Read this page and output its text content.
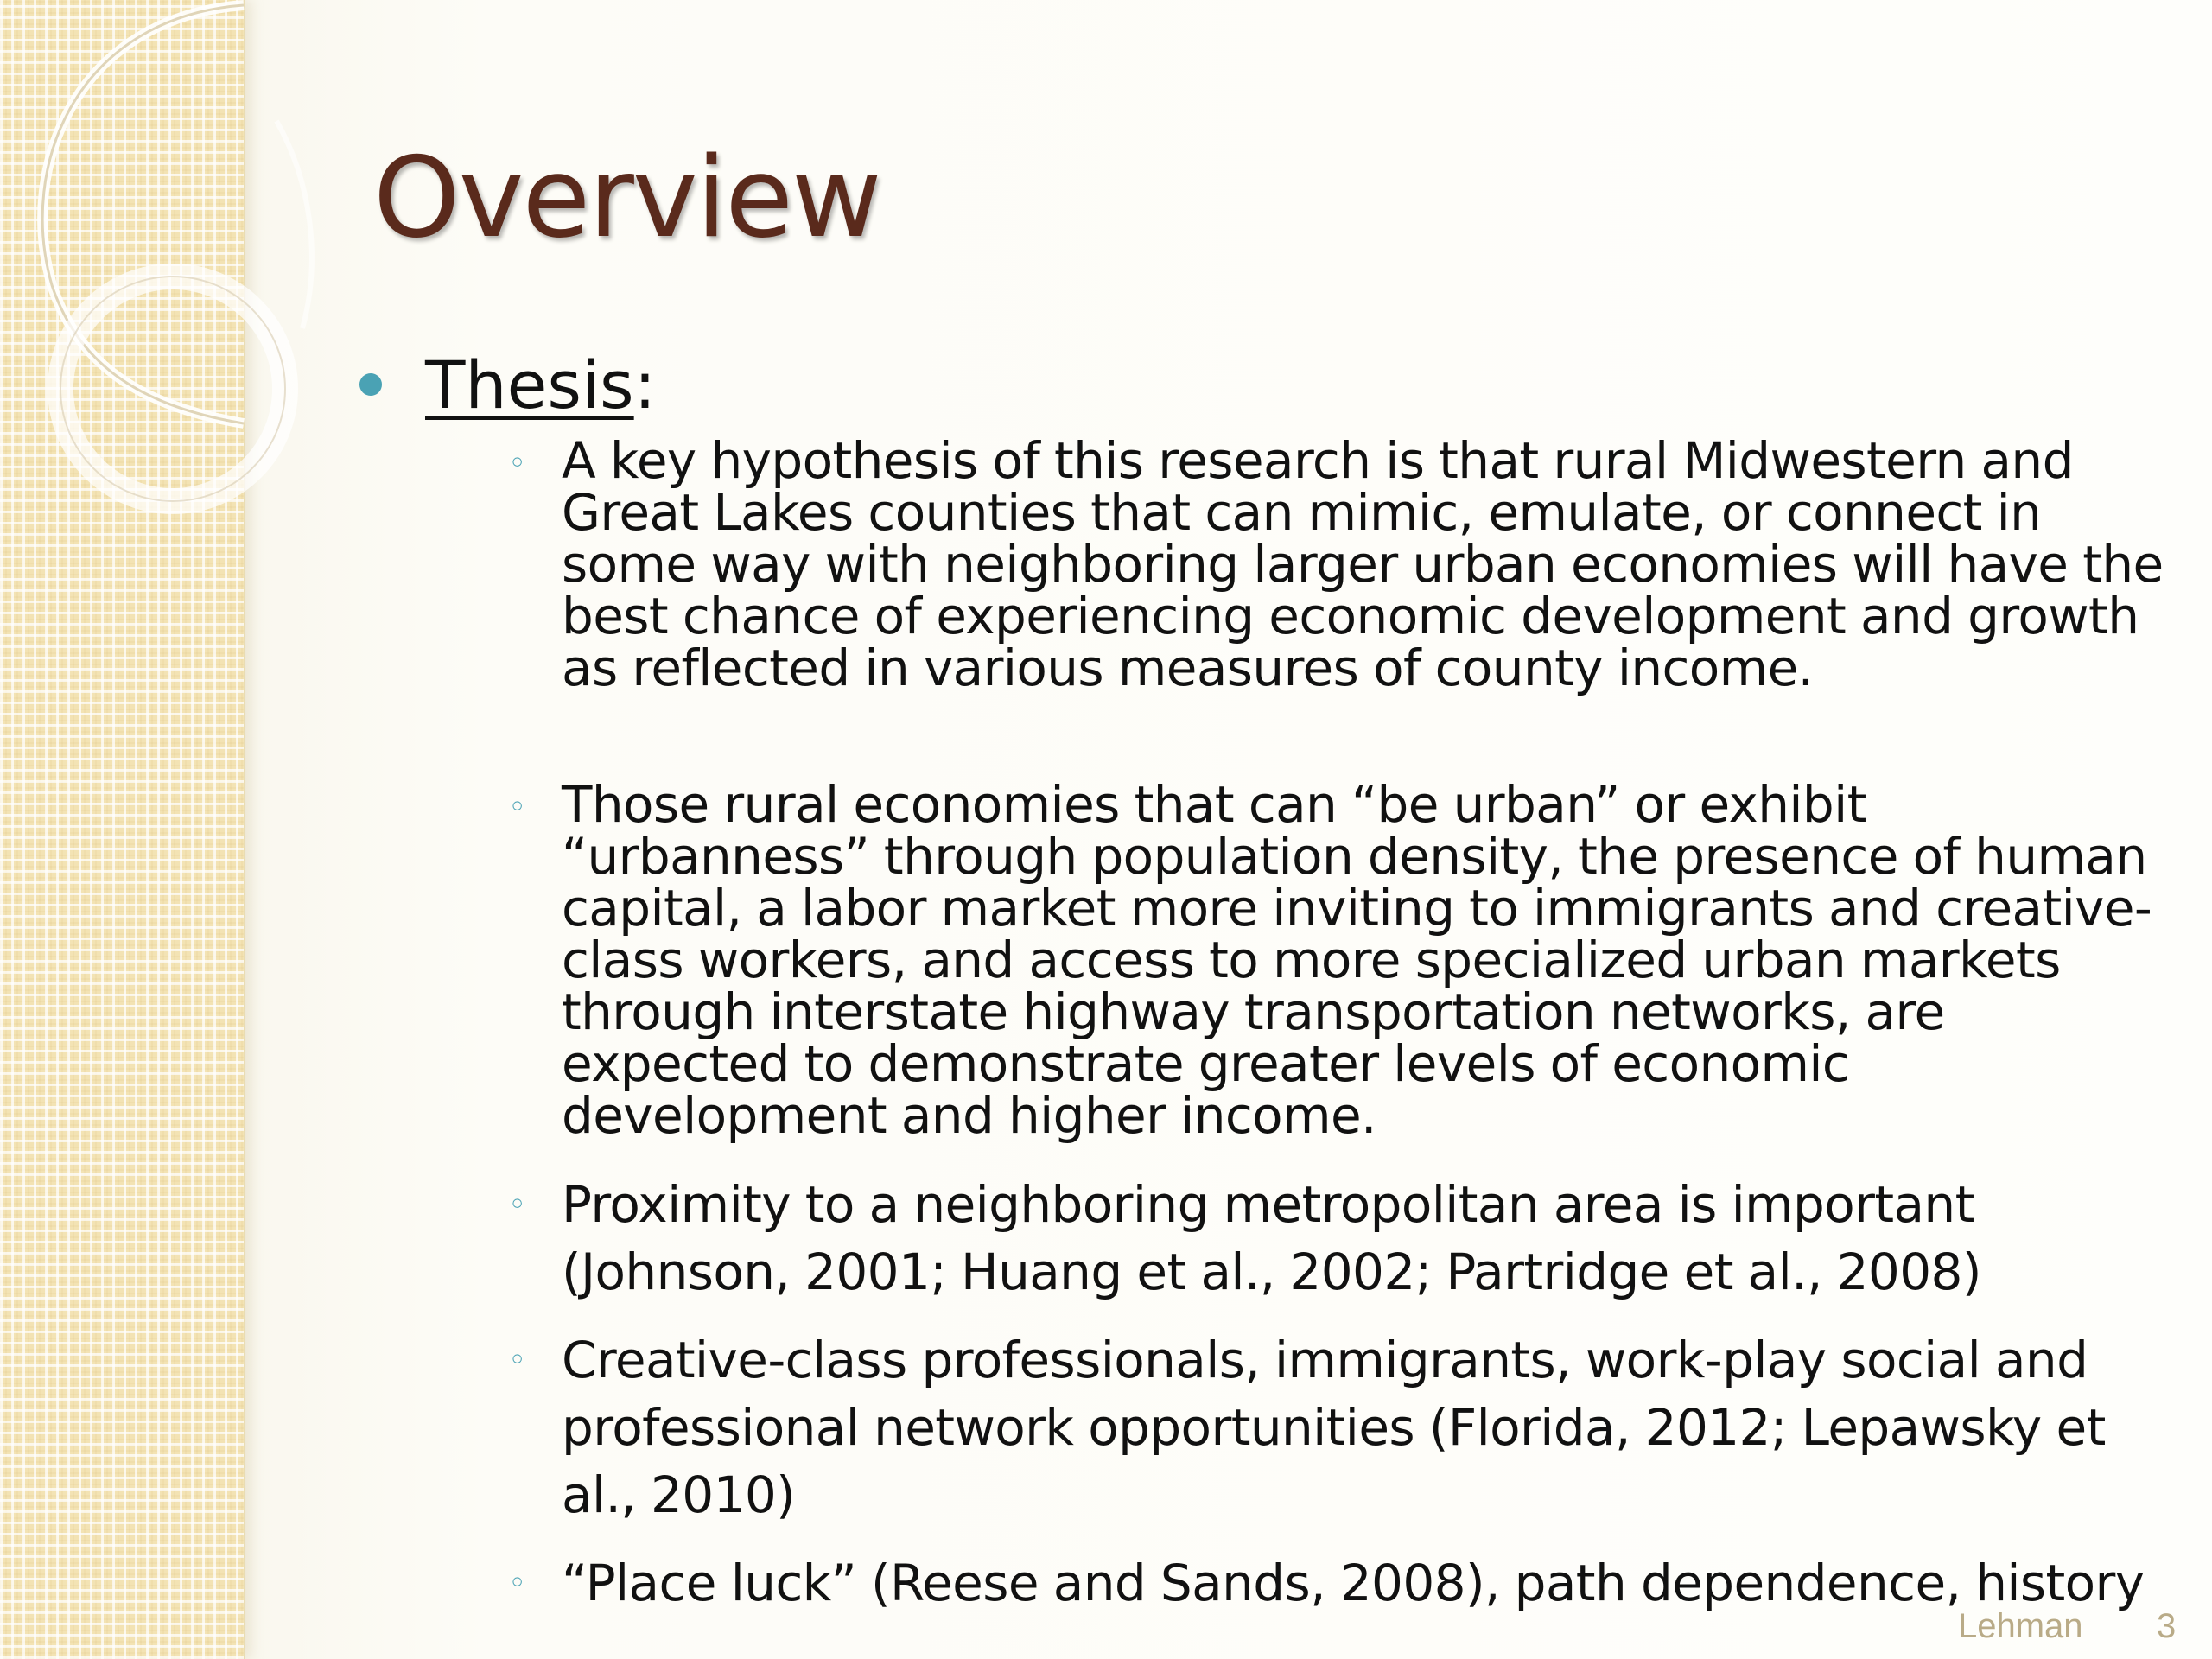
Overview
Thesis:
◦ A key hypothesis of this research is that rural Midwestern and Great Lakes counties that can mimic, emulate, or connect in some way with neighboring larger urban economies will have the best chance of experiencing economic development and growth as reflected in various measures of county income.
◦ Those rural economies that can “be urban” or exhibit “urbanness” through population density, the presence of human capital, a labor market more inviting to immigrants and creative-class workers, and access to more specialized urban markets through interstate highway transportation networks, are expected to demonstrate greater levels of economic development and higher income.
◦ Proximity to a neighboring metropolitan area is important (Johnson, 2001; Huang et al., 2002; Partridge et al., 2008)
◦ Creative-class professionals, immigrants, work-play social and professional network opportunities (Florida, 2012; Lepawsky et al., 2010)
◦ “Place luck” (Reese and Sands, 2008), path dependence, history
Lehman 3
